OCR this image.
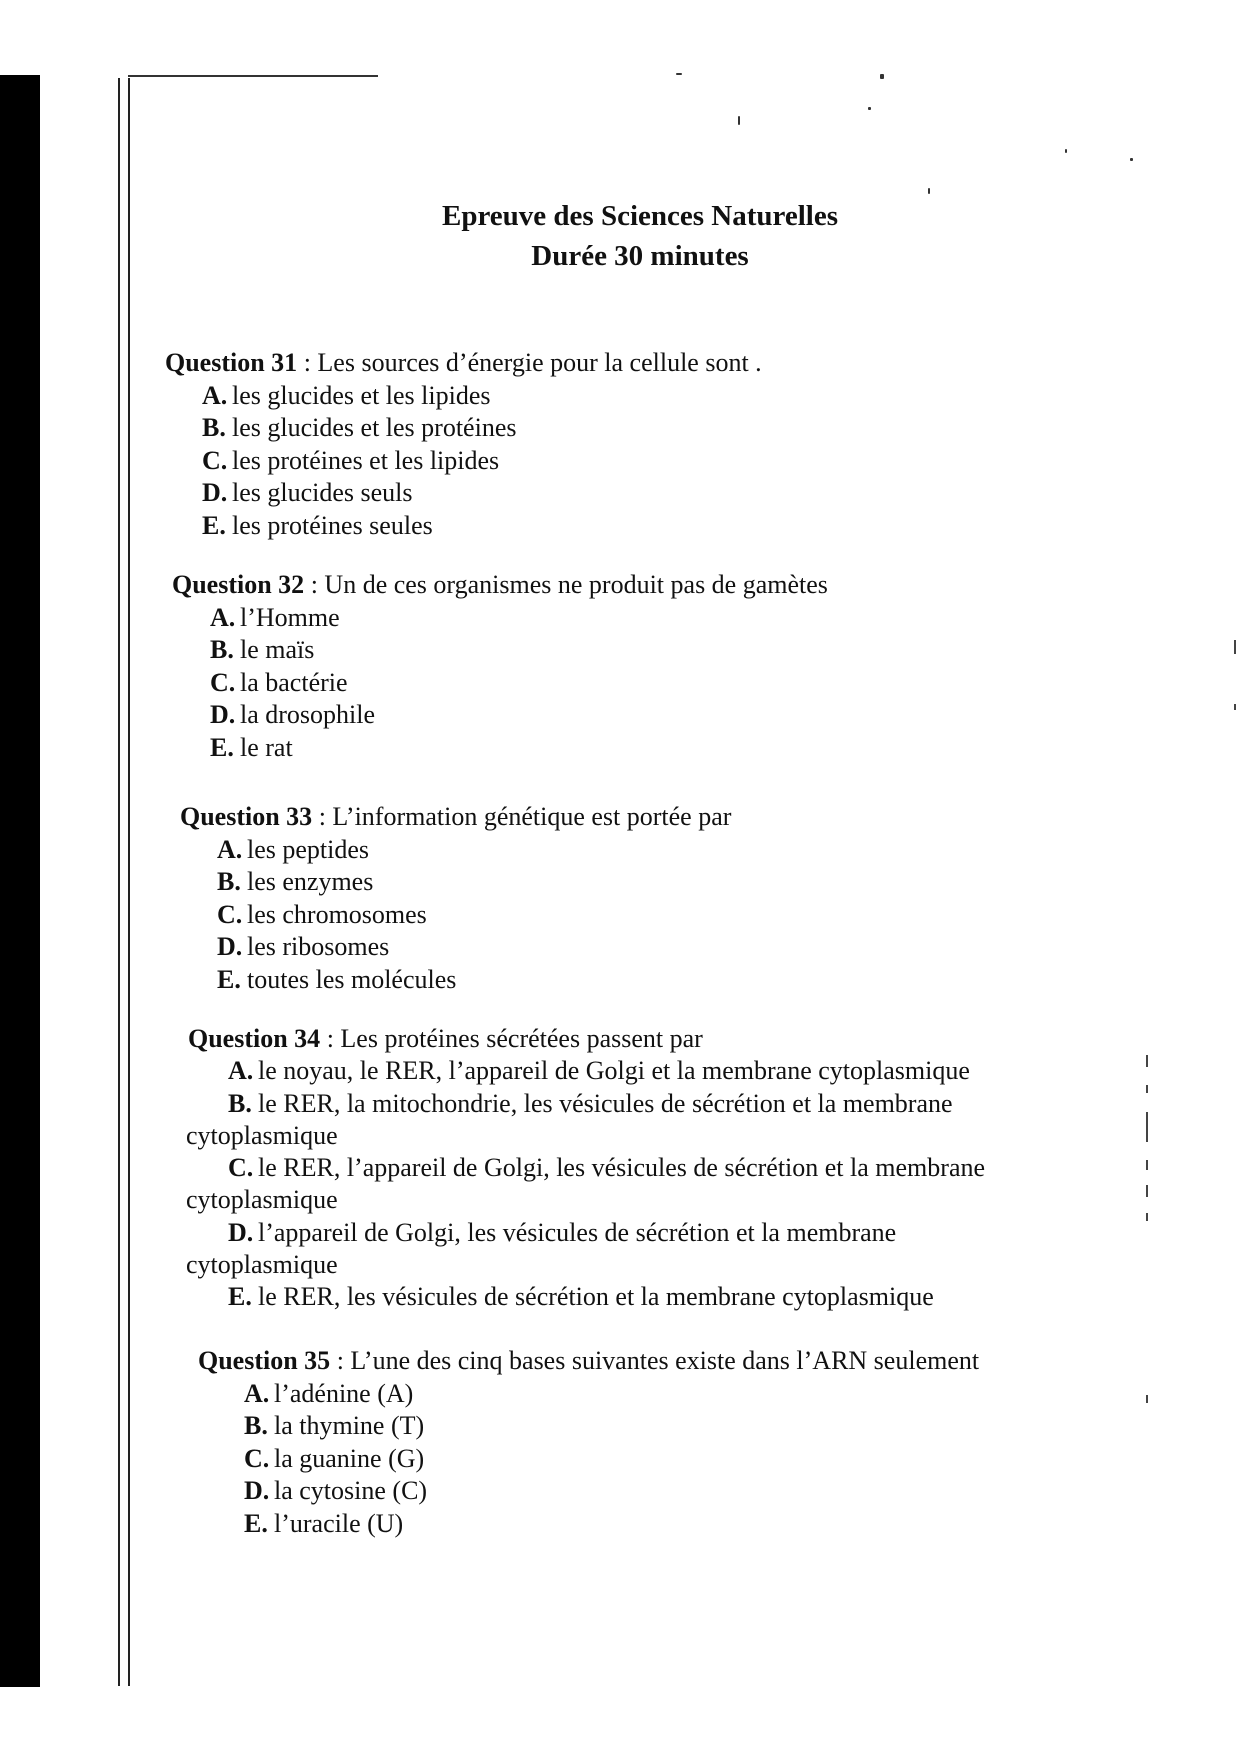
Epreuve des Sciences Naturelles
Durée 30 minutes
Question 31 : Les sources d’énergie pour la cellule sont .
A. les glucides et les lipides
B. les glucides et les protéines
C. les protéines et les lipides
D. les glucides seuls
E. les protéines seules
Question 32 : Un de ces organismes ne produit pas de gamètes
A. l’Homme
B. le maïs
C. la bactérie
D. la drosophile
E. le rat
Question 33 : L’information génétique est portée par
A. les peptides
B. les enzymes
C. les chromosomes
D. les ribosomes
E. toutes les molécules
Question 34 : Les protéines sécrétées passent par
A. le noyau, le RER, l’appareil de Golgi et la membrane cytoplasmique
B. le RER, la mitochondrie, les vésicules de sécrétion et la membrane
cytoplasmique
C. le RER, l’appareil de Golgi, les vésicules de sécrétion et la membrane
cytoplasmique
D. l’appareil de Golgi, les vésicules de sécrétion et la membrane
cytoplasmique
E. le RER, les vésicules de sécrétion et la membrane cytoplasmique
Question 35 : L’une des cinq bases suivantes existe dans l’ARN seulement
A. l’adénine (A)
B. la thymine (T)
C. la guanine (G)
D. la cytosine (C)
E. l’uracile (U)
